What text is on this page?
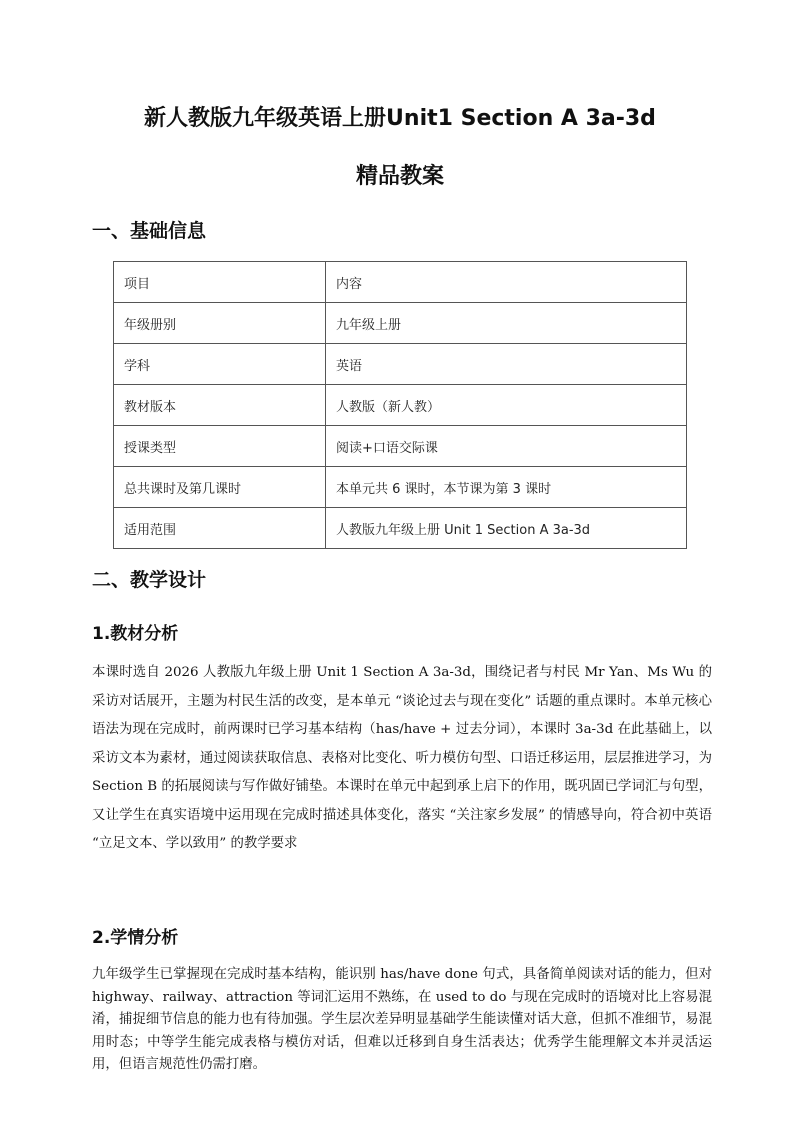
新人教版九年级英语上册Unit1 Section A 3a-3d
精品教案
一、基础信息
项目	内容
年级册别	九年级上册
学科	英语
教材版本	人教版（新人教）
授课类型	阅读+口语交际课
总共课时及第几课时	本单元共 6 课时，本节课为第 3 课时
适用范围	人教版九年级上册 Unit 1 Section A 3a-3d
二、教学设计
1.教材分析
本课时选自 2026 人教版九年级上册 Unit 1 Section A 3a-3d，围绕记者与村民 Mr Yan、Ms Wu 的采访对话展开，主题为村民生活的改变，是本单元 “谈论过去与现在变化” 话题的重点课时。本单元核心语法为现在完成时，前两课时已学习基本结构（has/have + 过去分词），本课时 3a-3d 在此基础上，以采访文本为素材，通过阅读获取信息、表格对比变化、听力模仿句型、口语迁移运用，层层推进学习，为 Section B 的拓展阅读与写作做好铺垫。本课时在单元中起到承上启下的作用，既巩固已学词汇与句型，又让学生在真实语境中运用现在完成时描述具体变化，落实 “关注家乡发展” 的情感导向，符合初中英语 “立足文本、学以致用” 的教学要求
2.学情分析
九年级学生已掌握现在完成时基本结构，能识别 has/have done 句式，具备简单阅读对话的能力，但对 highway、railway、attraction 等词汇运用不熟练，在 used to do 与现在完成时的语境对比上容易混淆，捕捉细节信息的能力也有待加强。学生层次差异明显基础学生能读懂对话大意，但抓不准细节，易混用时态；中等学生能完成表格与模仿对话，但难以迁移到自身生活表达；优秀学生能理解文本并灵活运用，但语言规范性仍需打磨。
